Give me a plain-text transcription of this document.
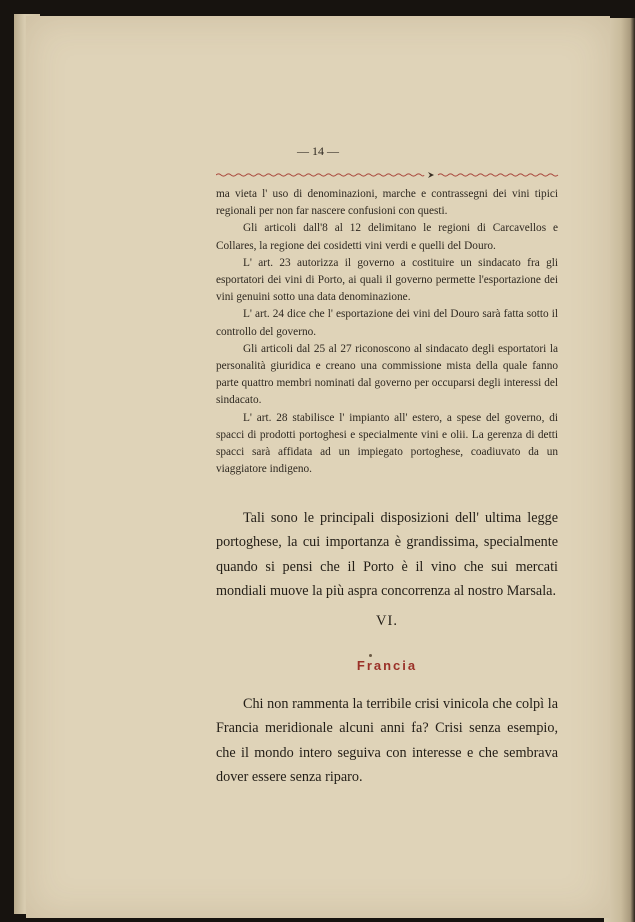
— 14 —

ma vieta l' uso di denominazioni, marche e contrassegni dei vini tipici regionali per non far nascere confusioni con questi.

Gli articoli dall'8 al 12 delimitano le regioni di Carcavellos e Collares, la regione dei cosidetti vini verdi e quelli del Douro.

L' art. 23 autorizza il governo a costituire un sindacato fra gli esportatori dei vini di Porto, ai quali il governo permette l'esportazione dei vini genuini sotto una data denominazione.

L' art. 24 dice che l' esportazione dei vini del Douro sarà fatta sotto il controllo del governo.

Gli articoli dal 25 al 27 riconoscono al sindacato degli esportatori la personalità giuridica e creano una commissione mista della quale fanno parte quattro membri nominati dal governo per occuparsi degli interessi del sindacato.

L' art. 28 stabilisce l' impianto all' estero, a spese del governo, di spacci di prodotti portoghesi e specialmente vini e olii. La gerenza di detti spacci sarà affidata ad un impiegato portoghese, coadiuvato da un viaggiatore indigeno.

Tali sono le principali disposizioni dell' ultima legge portoghese, la cui importanza è grandissima, specialmente quando si pensi che il Porto è il vino che sui mercati mondiali muove la più aspra concorrenza al nostro Marsala.

VI.
Francia

Chi non rammenta la terribile crisi vinicola che colpì la Francia meridionale alcuni anni fa? Crisi senza esempio, che il mondo intero seguiva con interesse e che sembrava dover essere senza riparo.
